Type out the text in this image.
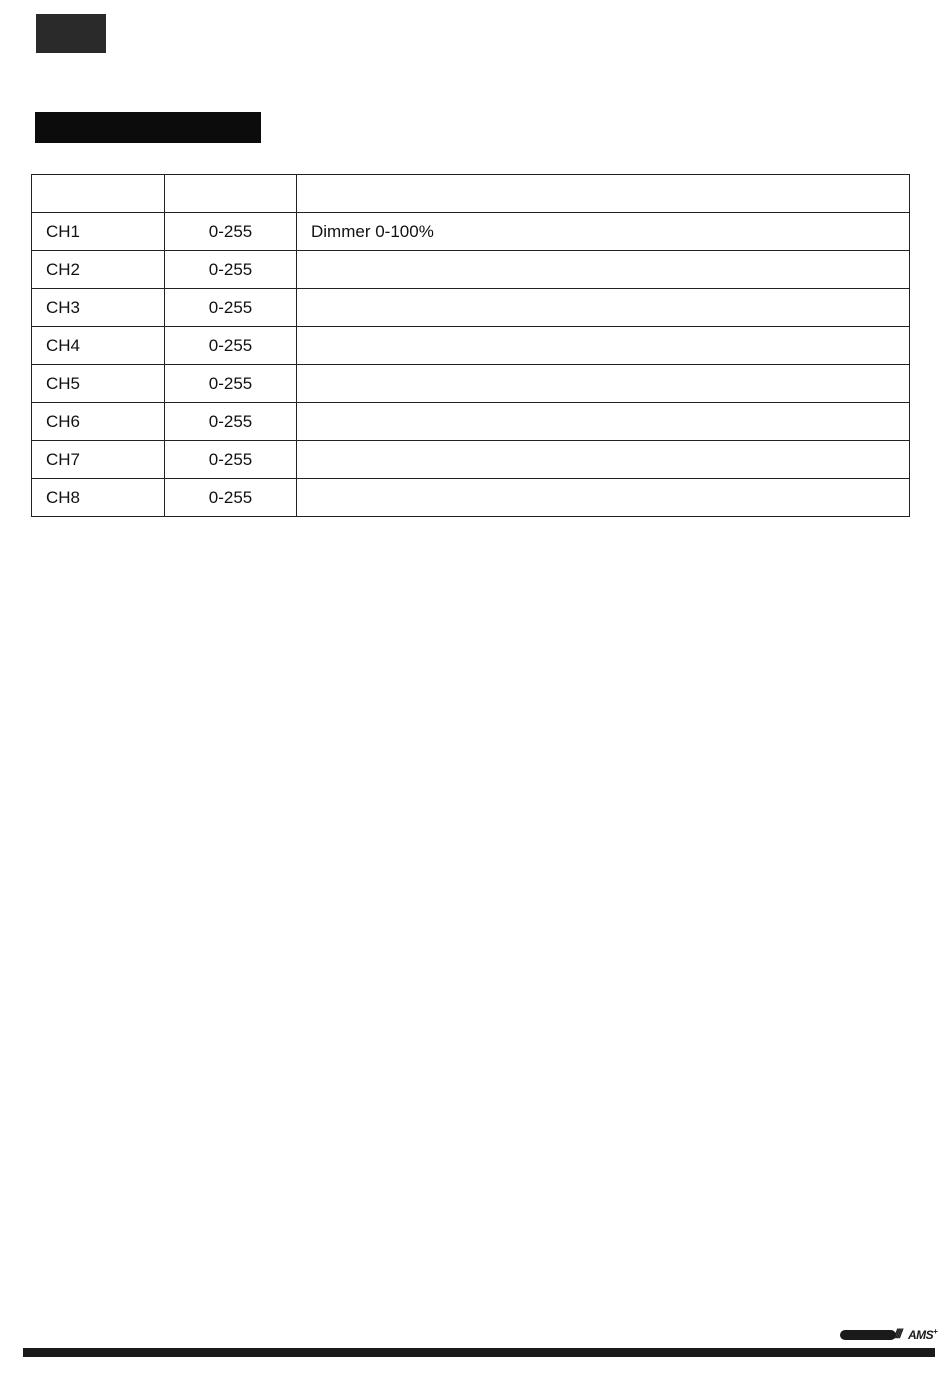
CH1	0-255	Dimmer 0-100%
CH2	0-255	
CH3	0-255	
CH4	0-255	
CH5	0-255	
CH6	0-255	
CH7	0-255	
CH8	0-255	
//// AMS+
